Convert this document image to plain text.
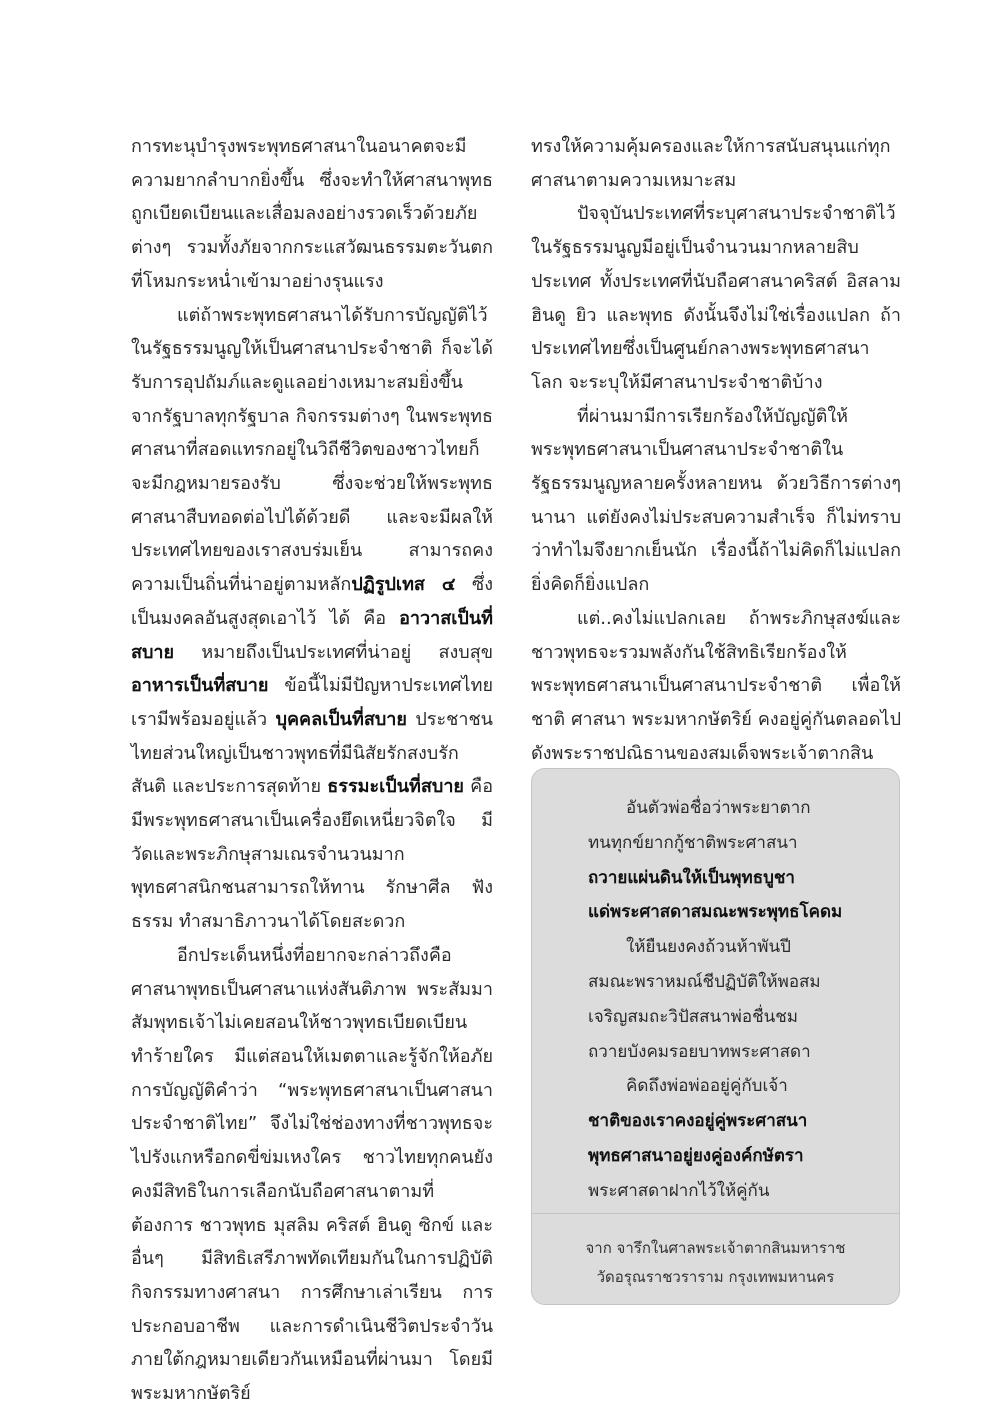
การทะนุบำรุงพระพุทธศาสนาในอนาคตจะมีความยากลำบากยิ่งขึ้น ซึ่งจะทำให้ศาสนาพุทธถูกเบียดเบียนและเสื่อมลงอย่างรวดเร็วด้วยภัยต่างๆ รวมทั้งภัยจากกระแสวัฒนธรรมตะวันตกที่โหมกระหน่ำเข้ามาอย่างรุนแรง

แต่ถ้าพระพุทธศาสนาได้รับการบัญญัติไว้ในรัฐธรรมนูญให้เป็นศาสนาประจำชาติ ก็จะได้รับการอุปถัมภ์และดูแลอย่างเหมาะสมยิ่งขึ้นจากรัฐบาลทุกรัฐบาล กิจกรรมต่างๆ ในพระพุทธศาสนาที่สอดแทรกอยู่ในวิถีชีวิตของชาวไทยก็จะมีกฎหมายรองรับ ซึ่งจะช่วยให้พระพุทธศาสนาสืบทอดต่อไปได้ด้วยดี และจะมีผลให้ประเทศไทยของเราสงบร่มเย็น สามารถคงความเป็นถิ่นที่น่าอยู่ตามหลักปฏิรูปเทส ๔ ซึ่งเป็นมงคลอันสูงสุดเอาไว้ ได้ คือ อาวาสเป็นที่สบาย หมายถึงเป็นประเทศที่น่าอยู่ สงบสุข อาหารเป็นที่สบาย ข้อนี้ไม่มีปัญหาประเทศไทยเรามีพร้อมอยู่แล้ว บุคคลเป็นที่สบาย ประชาชนไทยส่วนใหญ่เป็นชาวพุทธที่มีนิสัยรักสงบรักสันติ และประการสุดท้าย ธรรมะเป็นที่สบาย คือ มีพระพุทธศาสนาเป็นเครื่องยึดเหนี่ยวจิตใจ มีวัดและพระภิกษุสามเณรจำนวนมาก พุทธศาสนิกชนสามารถให้ทาน รักษาศีล ฟังธรรม ทำสมาธิภาวนาได้โดยสะดวก

อีกประเด็นหนึ่งที่อยากจะกล่าวถึงคือ ศาสนาพุทธเป็นศาสนาแห่งสันติภาพ พระสัมมาสัมพุทธเจ้าไม่เคยสอนให้ชาวพุทธเบียดเบียนทำร้ายใคร มีแต่สอนให้เมตตาและรู้จักให้อภัย การบัญญัติคำว่า “พระพุทธศาสนาเป็นศาสนาประจำชาติไทย” จึงไม่ใช่ช่องทางที่ชาวพุทธจะไปรังแกหรือกดขี่ข่มเหงใคร ชาวไทยทุกคนยังคงมีสิทธิในการเลือกนับถือศาสนาตามที่ต้องการ ชาวพุทธ มุสลิม คริสต์ ฮินดู ซิกข์ และอื่นๆ มีสิทธิเสรีภาพทัดเทียมกันในการปฏิบัติกิจกรรมทางศาสนา การศึกษาเล่าเรียน การประกอบอาชีพ และการดำเนินชีวิตประจำวัน ภายใต้กฎหมายเดียวกันเหมือนที่ผ่านมา โดยมีพระมหากษัตริย์

ทรงให้ความคุ้มครองและให้การสนับสนุนแก่ทุกศาสนาตามความเหมาะสม

ปัจจุบันประเทศที่ระบุศาสนาประจำชาติไว้ในรัฐธรรมนูญมีอยู่เป็นจำนวนมากหลายสิบประเทศ ทั้งประเทศที่นับถือศาสนาคริสต์ อิสลาม ฮินดู ยิว และพุทธ ดังนั้นจึงไม่ใช่เรื่องแปลก ถ้าประเทศไทยซึ่งเป็นศูนย์กลางพระพุทธศาสนาโลก จะระบุให้มีศาสนาประจำชาติบ้าง

ที่ผ่านมามีการเรียกร้องให้บัญญัติให้พระพุทธศาสนาเป็นศาสนาประจำชาติในรัฐธรรมนูญหลายครั้งหลายหน ด้วยวิธีการต่างๆ นานา แต่ยังคงไม่ประสบความสำเร็จ ก็ไม่ทราบว่าทำไมจึงยากเย็นนัก เรื่องนี้ถ้าไม่คิดก็ไม่แปลก ยิ่งคิดก็ยิ่งแปลก

แต่..คงไม่แปลกเลย ถ้าพระภิกษุสงฆ์และชาวพุทธจะรวมพลังกันใช้สิทธิเรียกร้องให้พระพุทธศาสนาเป็นศาสนาประจำชาติ เพื่อให้ชาติ ศาสนา พระมหากษัตริย์ คงอยู่คู่กันตลอดไป ดังพระราชปณิธานของสมเด็จพระเจ้าตากสิน

อันตัวพ่อชื่อว่าพระยาตาก
ทนทุกข์ยากกู้ชาติพระศาสนา
ถวายแผ่นดินให้เป็นพุทธบูชา
แด่พระศาสดาสมณะพระพุทธโคดม
ให้ยืนยงคงถ้วนห้าพันปี
สมณะพราหมณ์ชีปฏิบัติให้พอสม
เจริญสมถะวิปัสสนาพ่อชื่นชม
ถวายบังคมรอยบาทพระศาสดา
คิดถึงพ่อพ่ออยู่คู่กับเจ้า
ชาติของเราคงอยู่คู่พระศาสนา
พุทธศาสนาอยู่ยงคู่องค์กษัตรา
พระศาสดาฝากไว้ให้คู่กัน
จาก จารึกในศาลพระเจ้าตากสินมหาราช
วัดอรุณราชวราราม กรุงเทพมหานคร
